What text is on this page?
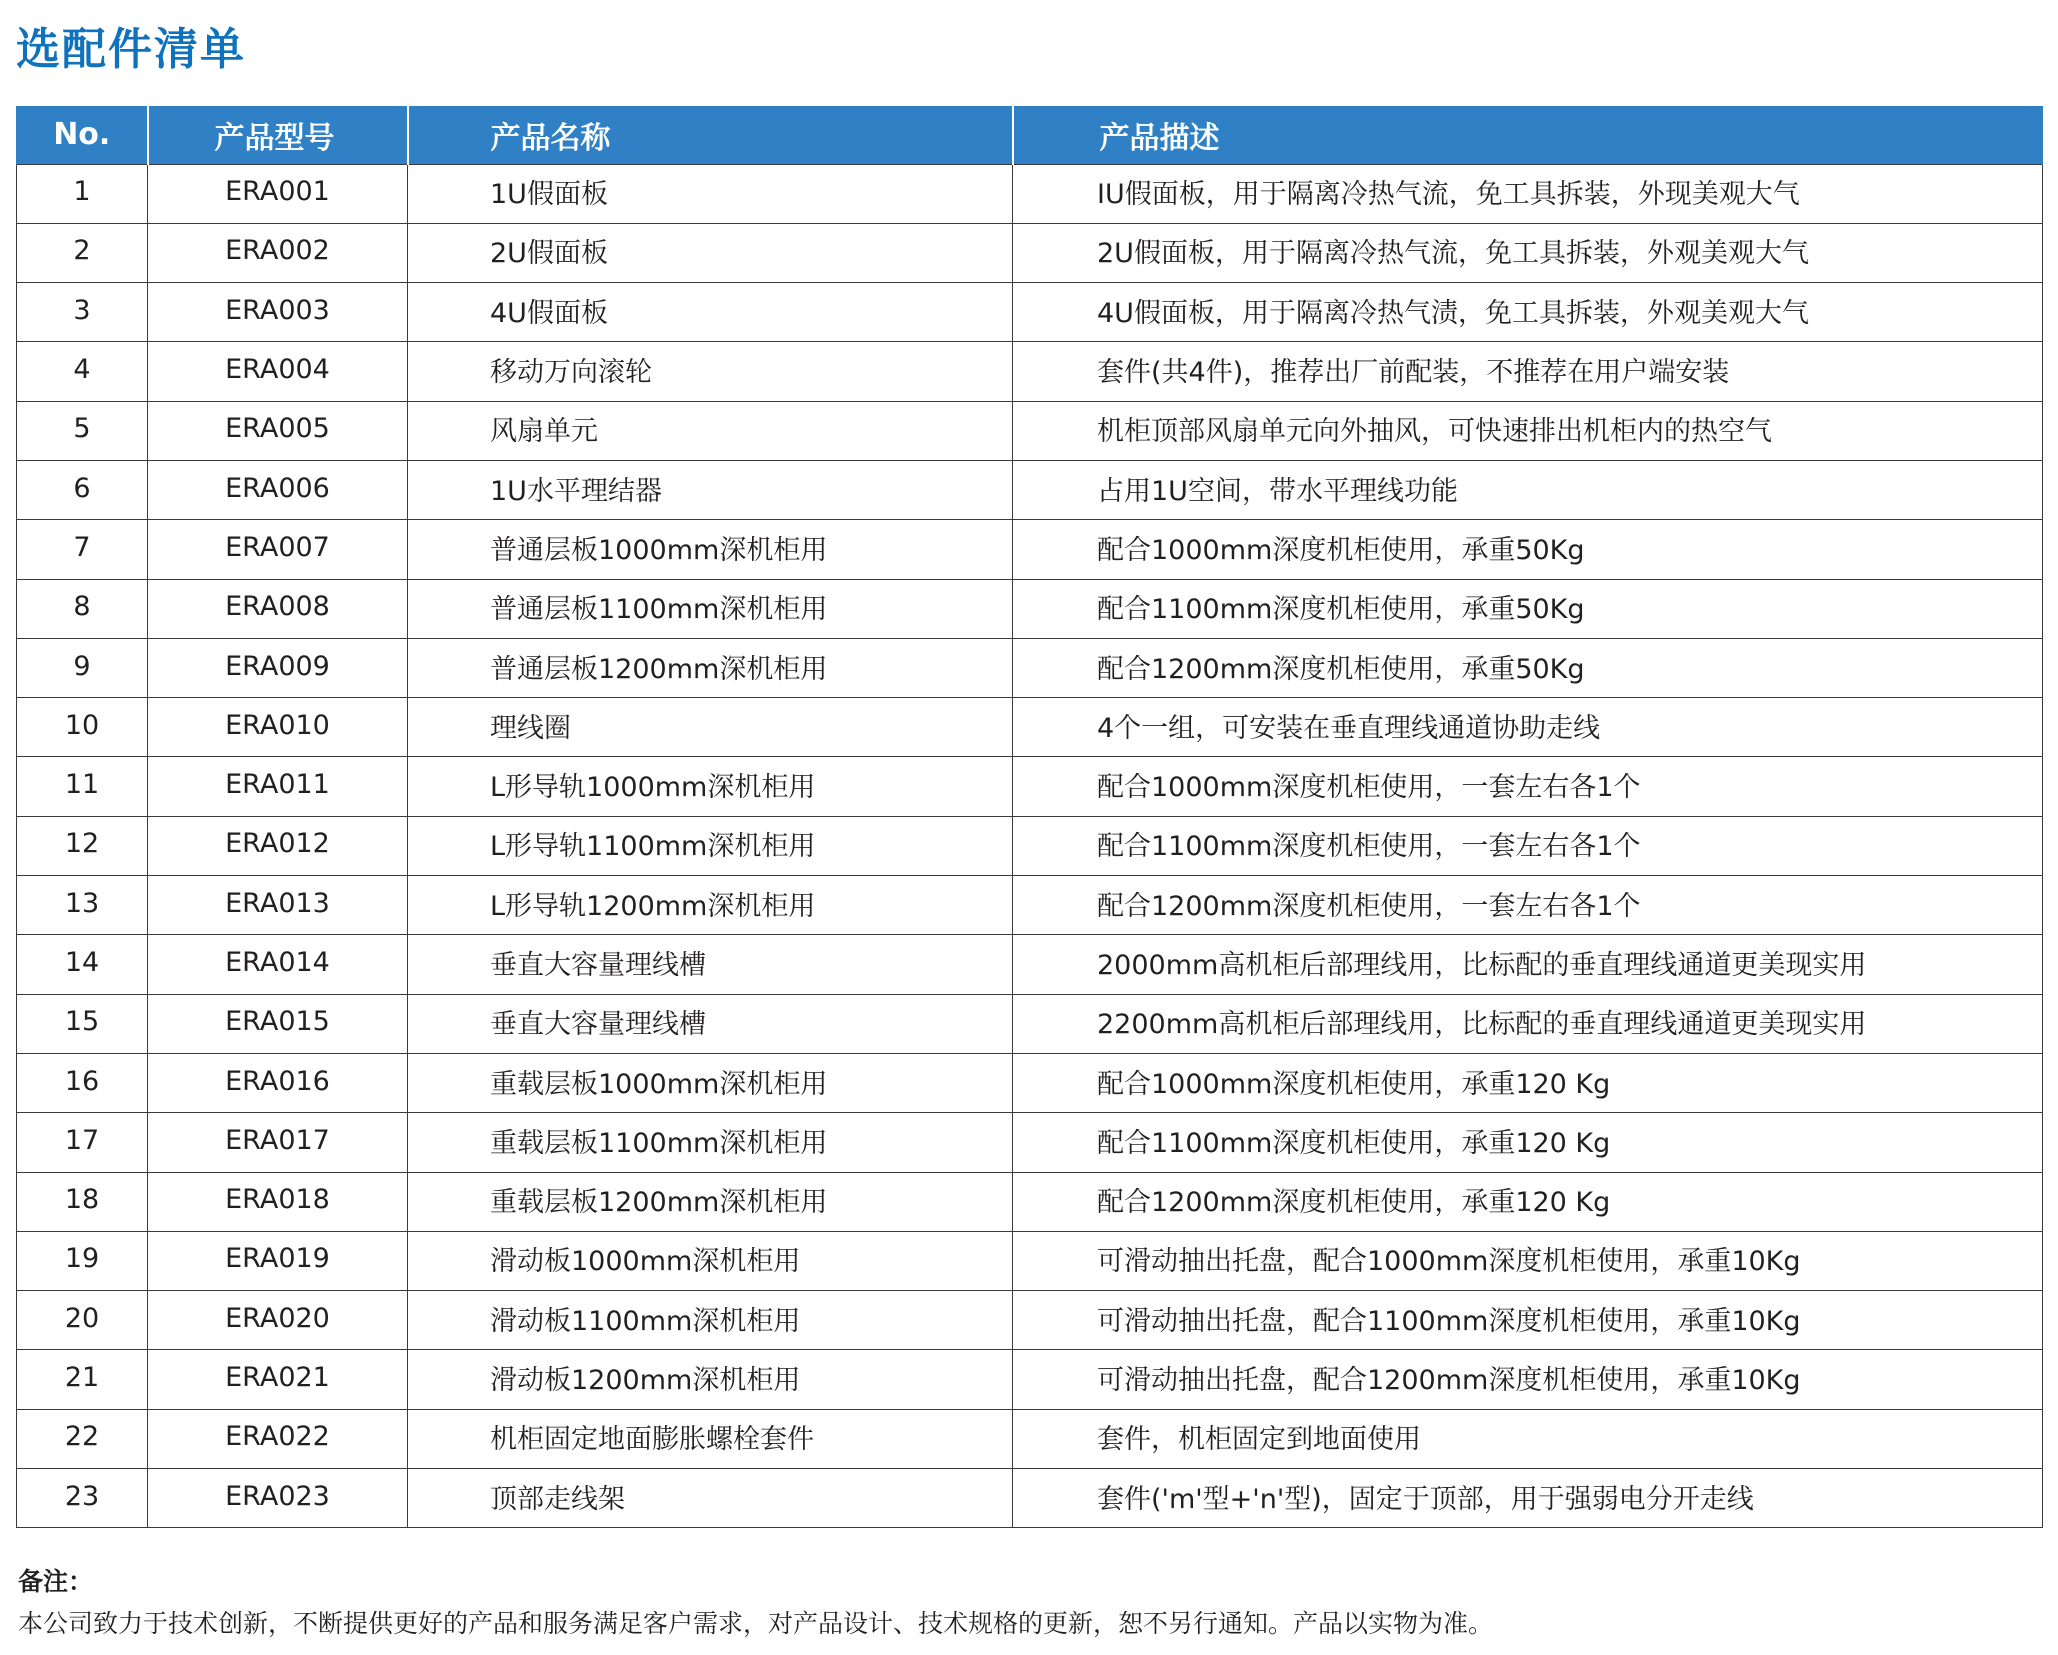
选配件清单
No.	产品型号	产品名称	产品描述
1	ERA001	1U假面板	IU假面板，用于隔离冷热气流，免工具拆装，外现美观大气
2	ERA002	2U假面板	2U假面板，用于隔离冷热气流，免工具拆装，外观美观大气
3	ERA003	4U假面板	4U假面板，用于隔离冷热气渍，免工具拆装，外观美观大气
4	ERA004	移动万向滚轮	套件(共4件)，推荐出厂前配装，不推荐在用户端安装
5	ERA005	风扇单元	机柜顶部风扇单元向外抽风，可快速排出机柜内的热空气
6	ERA006	1U水平理结器	占用1U空间，带水平理线功能
7	ERA007	普通层板1000mm深机柜用	配合1000mm深度机柜使用，承重50Kg
8	ERA008	普通层板1100mm深机柜用	配合1100mm深度机柜使用，承重50Kg
9	ERA009	普通层板1200mm深机柜用	配合1200mm深度机柜使用，承重50Kg
10	ERA010	理线圈	4个一组，可安装在垂直理线通道协助走线
11	ERA011	L形导轨1000mm深机柜用	配合1000mm深度机柜使用，一套左右各1个
12	ERA012	L形导轨1100mm深机柜用	配合1100mm深度机柜使用，一套左右各1个
13	ERA013	L形导轨1200mm深机柜用	配合1200mm深度机柜使用，一套左右各1个
14	ERA014	垂直大容量理线槽	2000mm高机柜后部理线用，比标配的垂直理线通道更美现实用
15	ERA015	垂直大容量理线槽	2200mm高机柜后部理线用，比标配的垂直理线通道更美现实用
16	ERA016	重载层板1000mm深机柜用	配合1000mm深度机柜使用，承重120 Kg
17	ERA017	重载层板1100mm深机柜用	配合1100mm深度机柜使用，承重120 Kg
18	ERA018	重载层板1200mm深机柜用	配合1200mm深度机柜使用，承重120 Kg
19	ERA019	滑动板1000mm深机柜用	可滑动抽出托盘，配合1000mm深度机柜使用，承重10Kg
20	ERA020	滑动板1100mm深机柜用	可滑动抽出托盘，配合1100mm深度机柜使用，承重10Kg
21	ERA021	滑动板1200mm深机柜用	可滑动抽出托盘，配合1200mm深度机柜使用，承重10Kg
22	ERA022	机柜固定地面膨胀螺栓套件	套件，机柜固定到地面使用
23	ERA023	顶部走线架	套件('m'型+'n'型)，固定于顶部，用于强弱电分开走线
备注：
本公司致力于技术创新，不断提供更好的产品和服务满足客户需求，对产品设计、技术规格的更新，恕不另行通知。产品以实物为准。
